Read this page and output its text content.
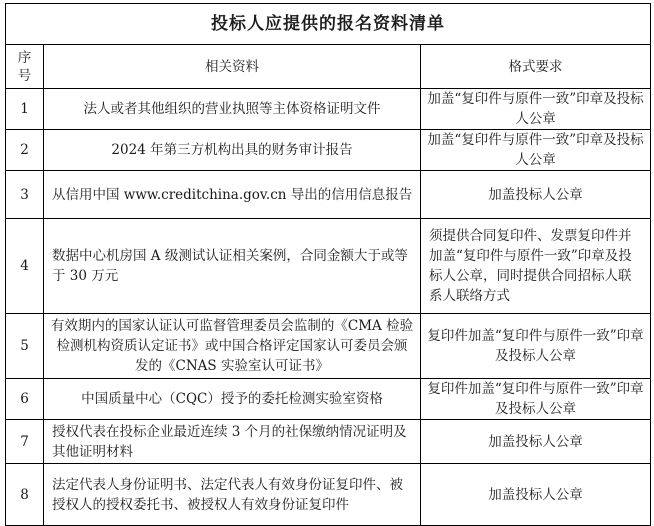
投标人应提供的报名资料清单		
序号	相关资料	格式要求
1	法人或者其他组织的营业执照等主体资格证明文件	加盖“复印件与原件一致”印章及投标人公章
2	2024 年第三方机构出具的财务审计报告	加盖“复印件与原件一致”印章及投标人公章
3	从信用中国 www.creditchina.gov.cn 导出的信用信息报告	加盖投标人公章
4	数据中心机房国 A 级测试认证相关案例，合同金额大于或等于 30 万元	须提供合同复印件、发票复印件并加盖“复印件与原件一致”印章及投标人公章，同时提供合同招标人联系人联络方式
5	有效期内的国家认证认可监督管理委员会监制的《CMA 检验检测机构资质认定证书》或中国合格评定国家认可委员会颁发的《CNAS 实验室认可证书》	复印件加盖“复印件与原件一致”印章及投标人公章
6	中国质量中心（CQC）授予的委托检测实验室资格	复印件加盖“复印件与原件一致”印章及投标人公章
7	授权代表在投标企业最近连续 3 个月的社保缴纳情况证明及其他证明材料	加盖投标人公章
8	法定代表人身份证明书、法定代表人有效身份证复印件、被授权人的授权委托书、被授权人有效身份证复印件	加盖投标人公章
